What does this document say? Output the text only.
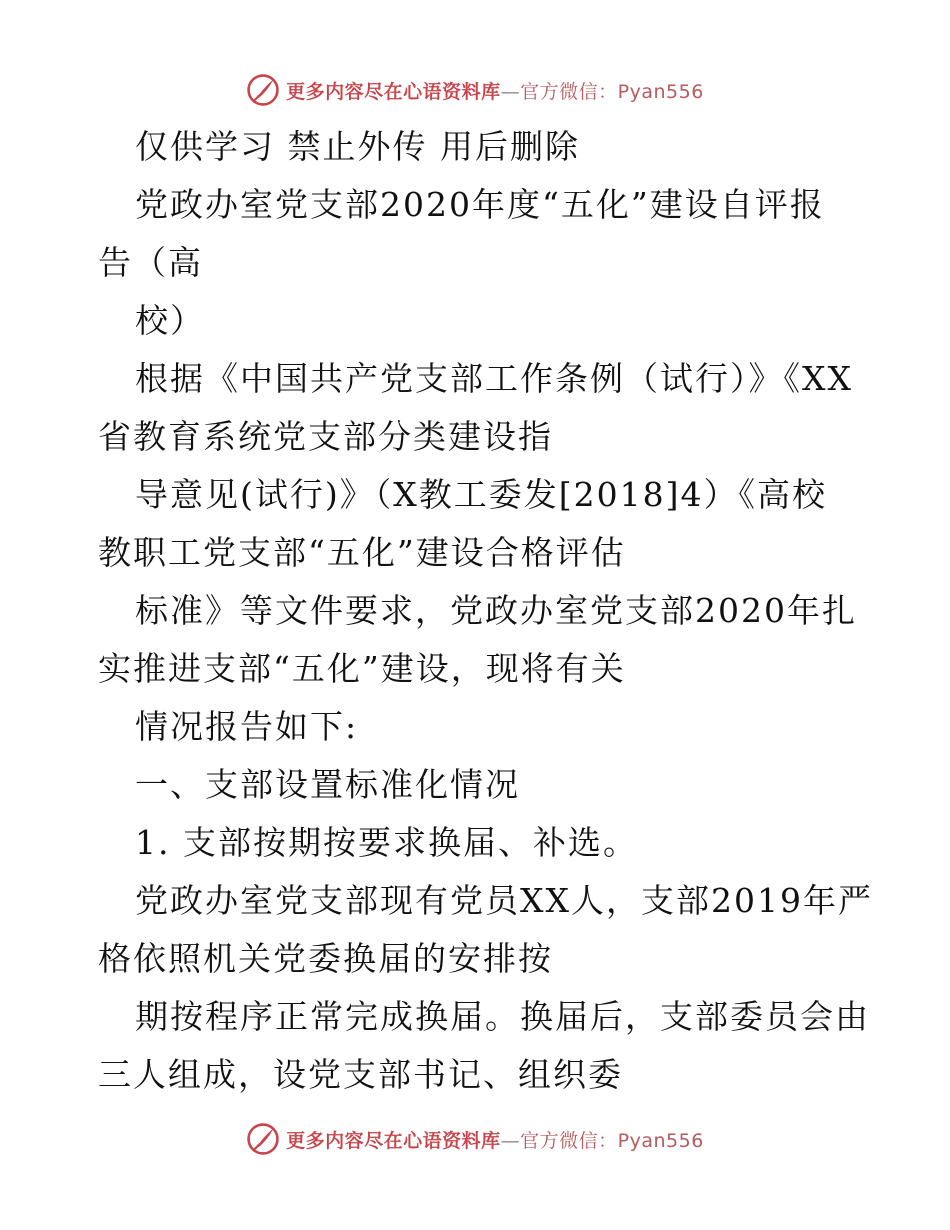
更多内容尽在心语资料库—官方微信：Pyan556
仅供学习 禁止外传 用后删除
党政办室党支部2020年度“五化”建设自评报
告（高
校）
根据《中国共产党支部工作条例（试行）》《XX
省教育系统党支部分类建设指
导意见(试行)》（X教工委发[2018]4）《高校
教职工党支部“五化”建设合格评估
标准》等文件要求，党政办室党支部2020年扎
实推进支部“五化”建设，现将有关
情况报告如下:
一、支部设置标准化情况
1. 支部按期按要求换届、补选。
党政办室党支部现有党员XX人，支部2019年严
格依照机关党委换届的安排按
期按程序正常完成换届。换届后，支部委员会由
三人组成，设党支部书记、组织委
更多内容尽在心语资料库—官方微信：Pyan556
